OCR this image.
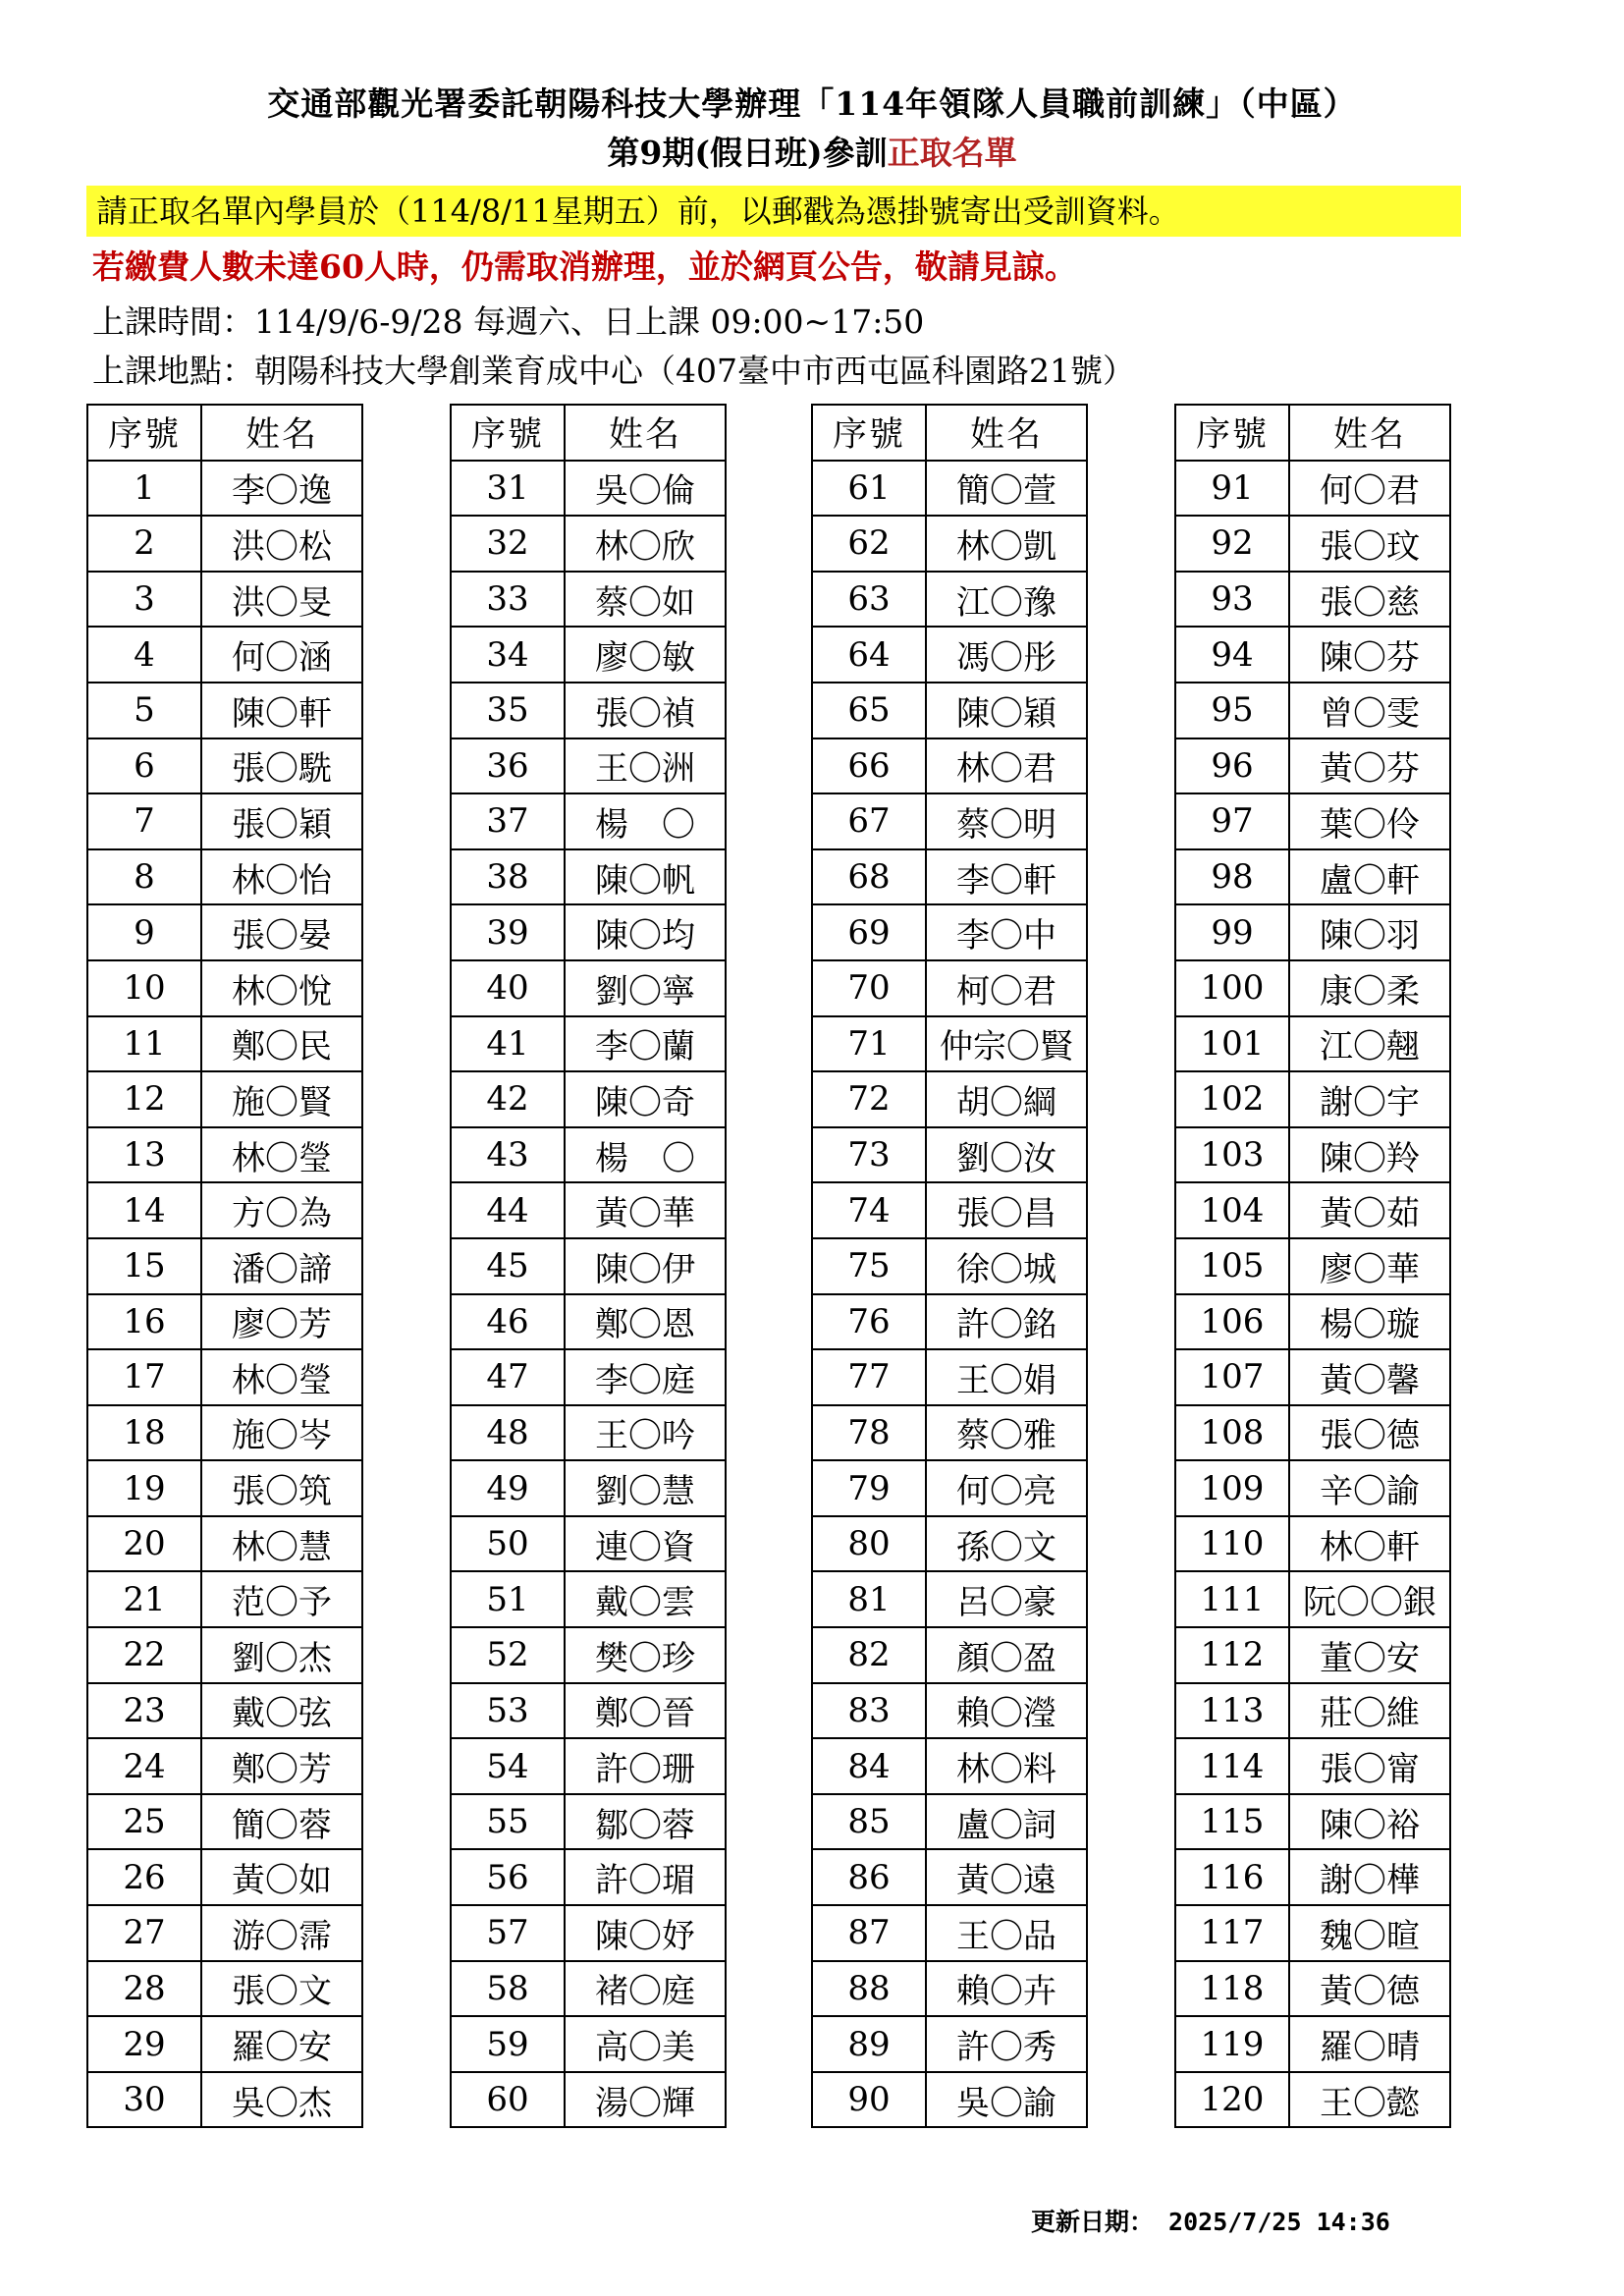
交通部觀光署委託朝陽科技大學辦理「114年領隊人員職前訓練」（中區）
第9期(假日班)參訓正取名單
請正取名單內學員於（114/8/11星期五）前，以郵戳為憑掛號寄出受訓資料。
若繳費人數未達60人時，仍需取消辦理，並於網頁公告，敬請見諒。
上課時間：114/9/6-9/28 每週六、日上課 09:00~17:50
上課地點：朝陽科技大學創業育成中心（407臺中市西屯區科園路21號）
序號	姓名
1	李〇逸
2	洪〇松
3	洪〇旻
4	何〇涵
5	陳〇軒
6	張〇駪
7	張〇穎
8	林〇怡
9	張〇晏
10	林〇悅
11	鄭〇民
12	施〇賢
13	林〇瑩
14	方〇為
15	潘〇諦
16	廖〇芳
17	林〇瑩
18	施〇岑
19	張〇筑
20	林〇慧
21	范〇予
22	劉〇杰
23	戴〇弦
24	鄭〇芳
25	簡〇蓉
26	黃〇如
27	游〇霈
28	張〇文
29	羅〇安
30	吳〇杰
序號	姓名
31	吳〇倫
32	林〇欣
33	蔡〇如
34	廖〇敏
35	張〇禎
36	王〇洲
37	楊　〇
38	陳〇帆
39	陳〇均
40	劉〇寧
41	李〇蘭
42	陳〇奇
43	楊　〇
44	黃〇華
45	陳〇伊
46	鄭〇恩
47	李〇庭
48	王〇吟
49	劉〇慧
50	連〇資
51	戴〇雲
52	樊〇珍
53	鄭〇晉
54	許〇珊
55	鄒〇蓉
56	許〇瑂
57	陳〇妤
58	褚〇庭
59	高〇美
60	湯〇輝
序號	姓名
61	簡〇萱
62	林〇凱
63	江〇豫
64	馮〇彤
65	陳〇穎
66	林〇君
67	蔡〇明
68	李〇軒
69	李〇中
70	柯〇君
71	仲宗〇賢
72	胡〇綱
73	劉〇汝
74	張〇昌
75	徐〇城
76	許〇銘
77	王〇娟
78	蔡〇雅
79	何〇亮
80	孫〇文
81	呂〇豪
82	顏〇盈
83	賴〇瀅
84	林〇料
85	盧〇詞
86	黃〇遠
87	王〇品
88	賴〇卉
89	許〇秀
90	吳〇諭
序號	姓名
91	何〇君
92	張〇玟
93	張〇慈
94	陳〇芬
95	曾〇雯
96	黃〇芬
97	葉〇伶
98	盧〇軒
99	陳〇羽
100	康〇柔
101	江〇翹
102	謝〇宇
103	陳〇羚
104	黃〇茹
105	廖〇華
106	楊〇璇
107	黃〇馨
108	張〇德
109	辛〇諭
110	林〇軒
111	阮〇〇銀
112	董〇安
113	莊〇維
114	張〇甯
115	陳〇裕
116	謝〇樺
117	魏〇暄
118	黃〇德
119	羅〇晴
120	王〇懿
更新日期： 2025/7/25 14:36
